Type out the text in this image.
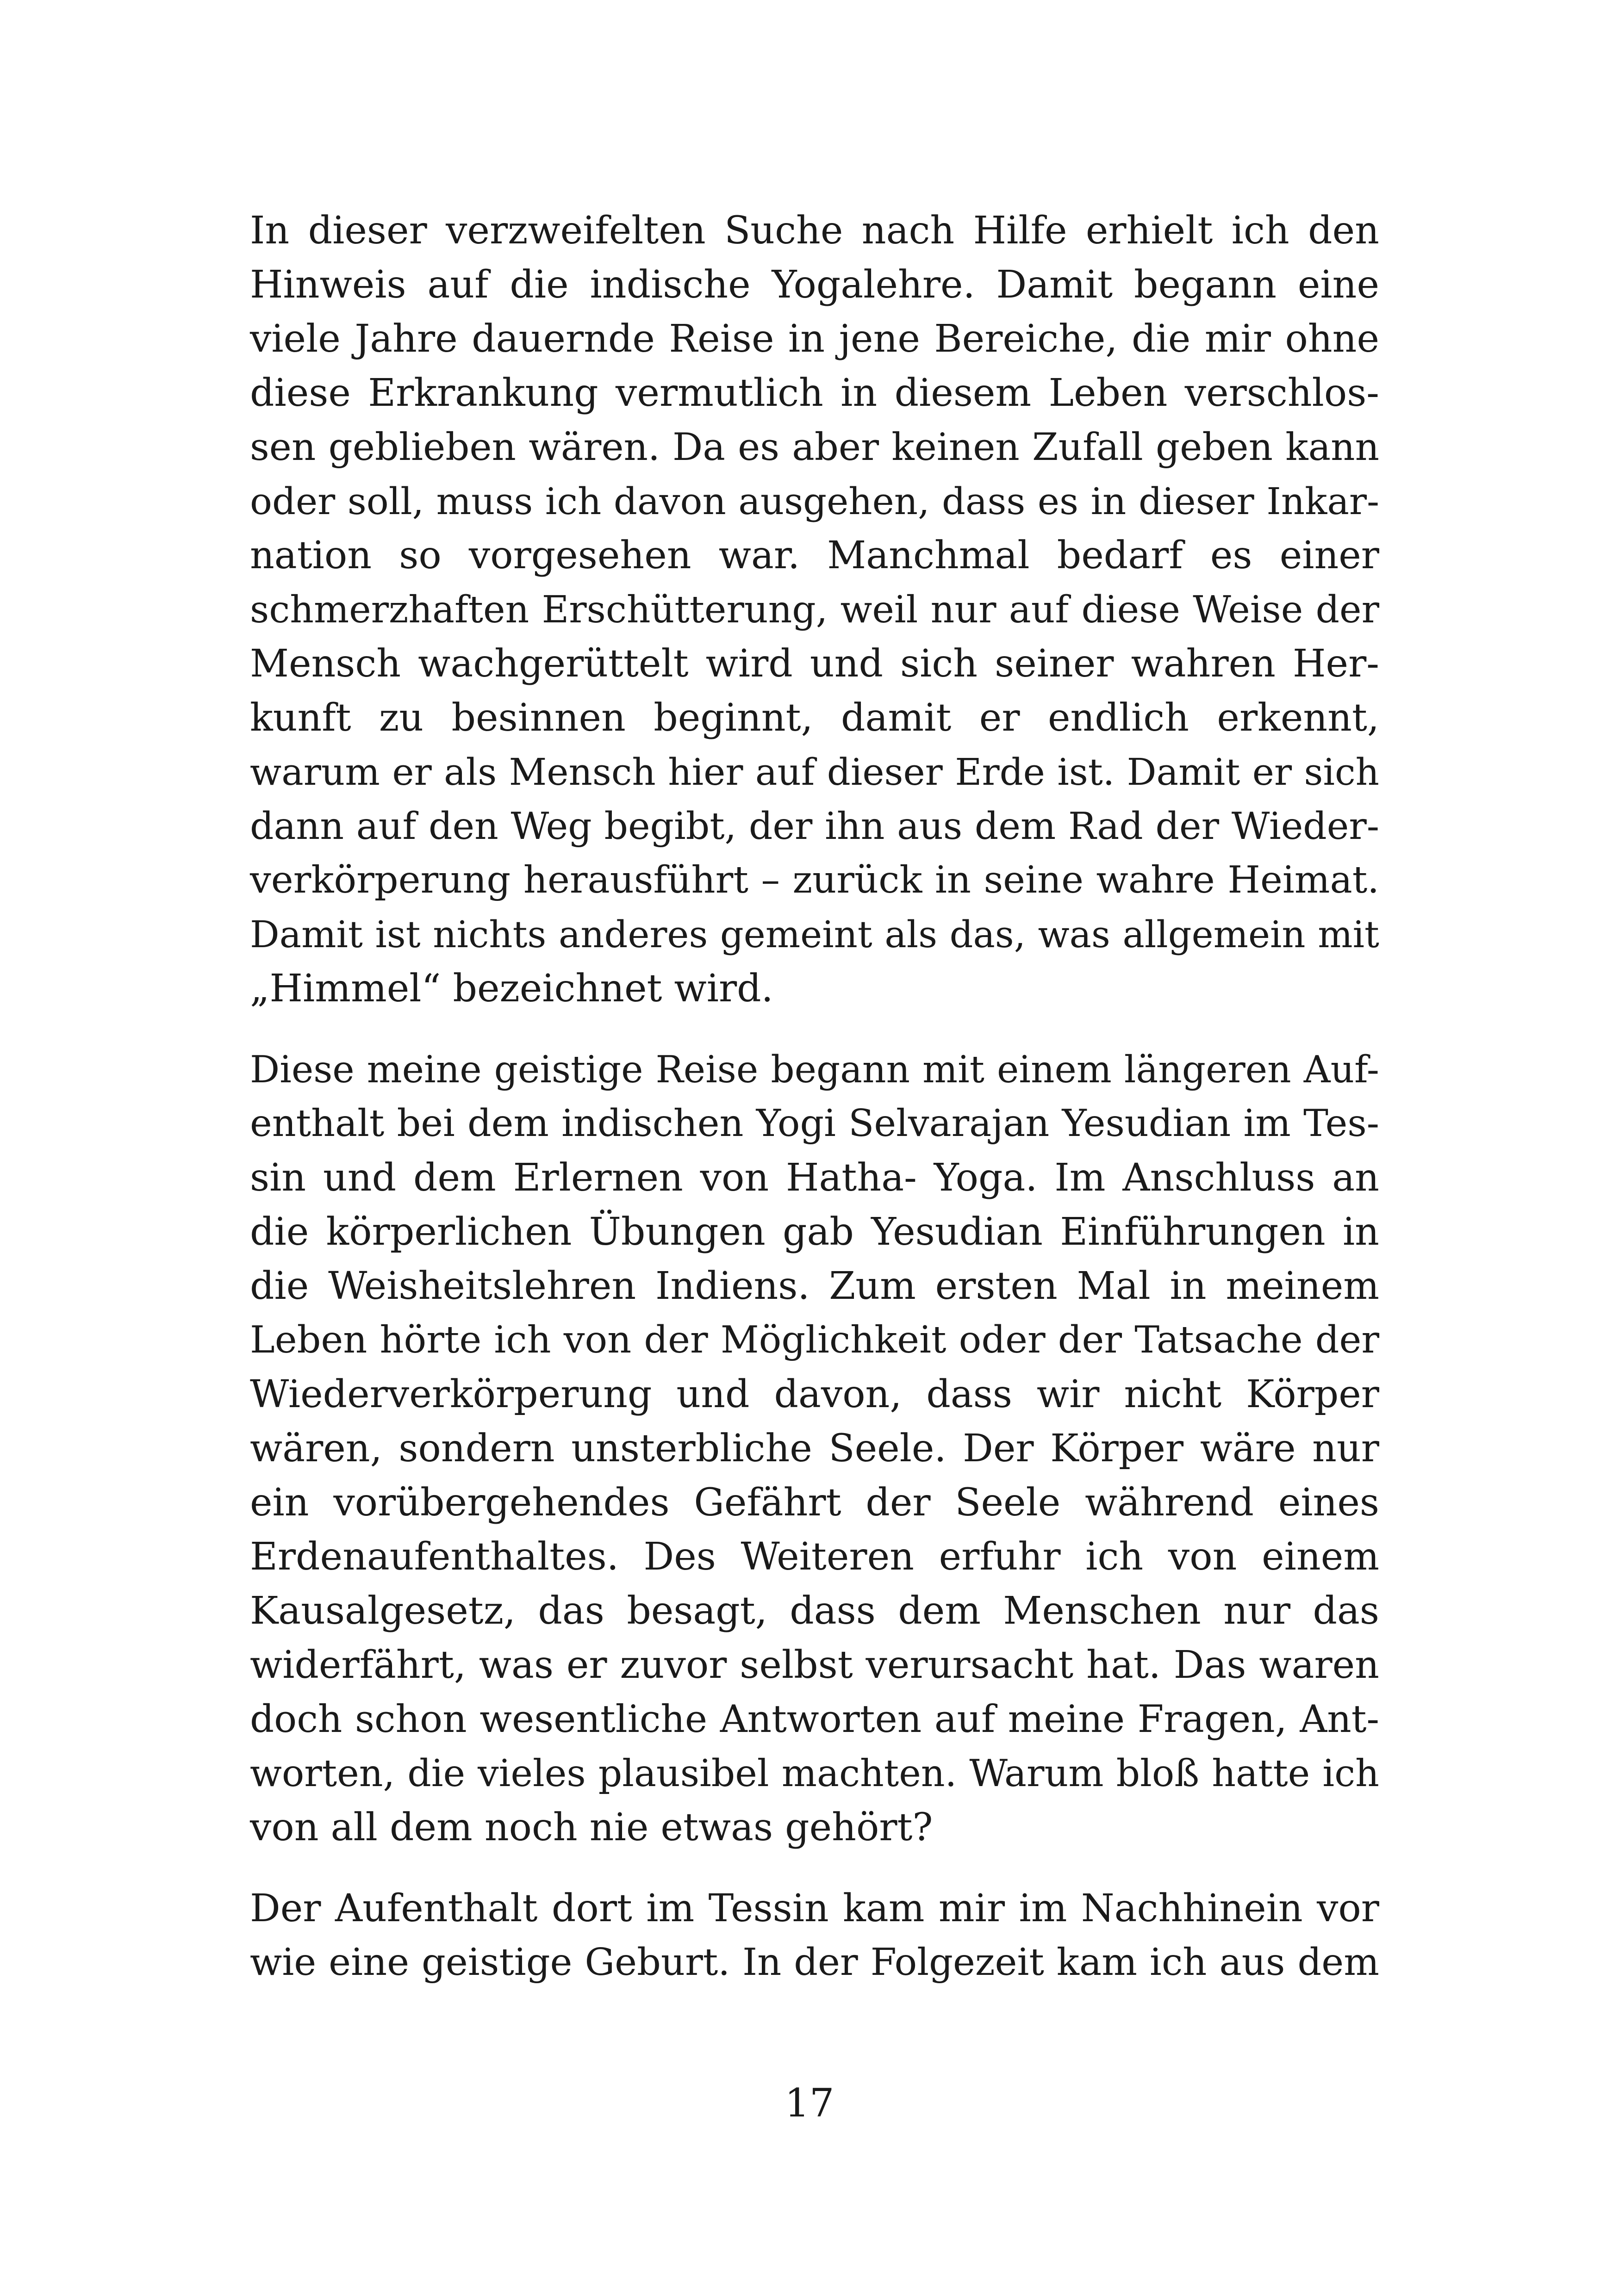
In dieser verzweifelten Suche nach Hilfe erhielt ich den
Hinweis auf die indische Yogalehre. Damit begann eine
viele Jahre dauernde Reise in jene Bereiche, die mir ohne
diese Erkrankung vermutlich in diesem Leben verschlos-
sen geblieben wären. Da es aber keinen Zufall geben kann
oder soll, muss ich davon ausgehen, dass es in dieser Inkar-
nation so vorgesehen war. Manchmal bedarf es einer
schmerzhaften Erschütterung, weil nur auf diese Weise der
Mensch wachgerüttelt wird und sich seiner wahren Her-
kunft zu besinnen beginnt, damit er endlich erkennt,
warum er als Mensch hier auf dieser Erde ist. Damit er sich
dann auf den Weg begibt, der ihn aus dem Rad der Wieder-
verkörperung herausführt – zurück in seine wahre Heimat.
Damit ist nichts anderes gemeint als das, was allgemein mit
„Himmel“ bezeichnet wird.

Diese meine geistige Reise begann mit einem längeren Auf-
enthalt bei dem indischen Yogi Selvarajan Yesudian im Tes-
sin und dem Erlernen von Hatha- Yoga. Im Anschluss an
die körperlichen Übungen gab Yesudian Einführungen in
die Weisheitslehren Indiens. Zum ersten Mal in meinem
Leben hörte ich von der Möglichkeit oder der Tatsache der
Wiederverkörperung und davon, dass wir nicht Körper
wären, sondern unsterbliche Seele. Der Körper wäre nur
ein vorübergehendes Gefährt der Seele während eines
Erdenaufenthaltes. Des Weiteren erfuhr ich von einem
Kausalgesetz, das besagt, dass dem Menschen nur das
widerfährt, was er zuvor selbst verursacht hat. Das waren
doch schon wesentliche Antworten auf meine Fragen, Ant-
worten, die vieles plausibel machten. Warum bloß hatte ich
von all dem noch nie etwas gehört?

Der Aufenthalt dort im Tessin kam mir im Nachhinein vor
wie eine geistige Geburt. In der Folgezeit kam ich aus dem

17
